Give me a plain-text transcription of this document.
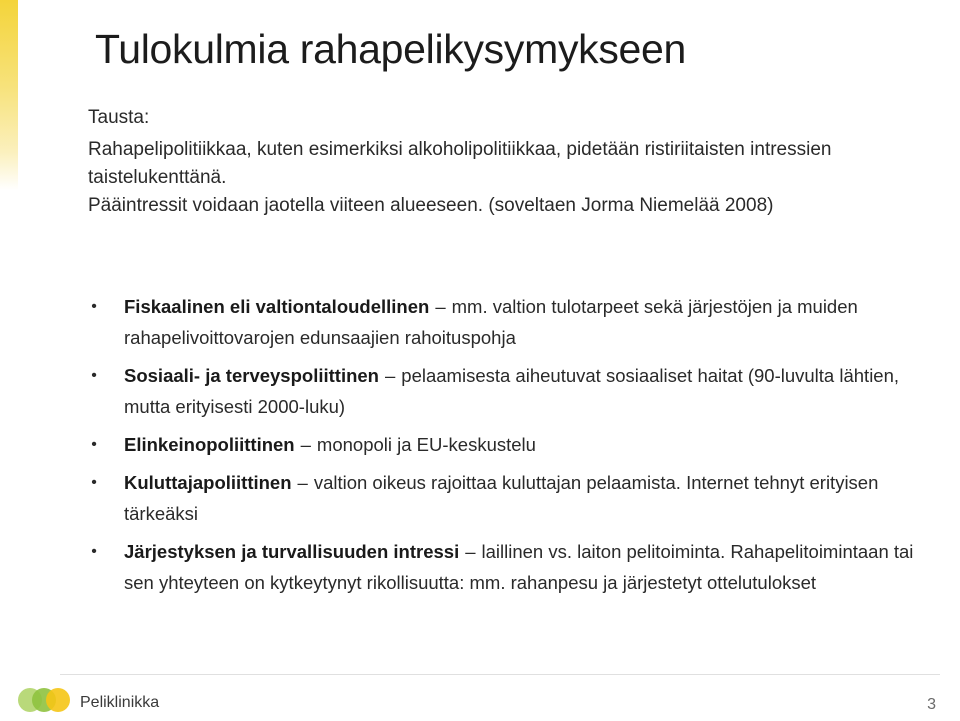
Tulokulmia rahapelikysymykseen

Tausta:

Rahapelipolitiikkaa, kuten esimerkiksi alkoholipolitiikkaa, pidetään ristiriitaisten intressien taistelukenttänä.

Pääintressit voidaan jaotella viiteen alueeseen. (soveltaen Jorma Niemelää 2008)

• Fiskaalinen eli valtiontaloudellinen – mm. valtion tulotarpeet sekä järjestöjen ja muiden rahapelivoittovarojen edunsaajien rahoituspohja
• Sosiaali- ja terveyspoliittinen – pelaamisesta aiheutuvat sosiaaliset haitat (90-luvulta lähtien, mutta erityisesti 2000-luku)
• Elinkeinopoliittinen – monopoli ja EU-keskustelu
• Kuluttajapoliittinen – valtion oikeus rajoittaa kuluttajan pelaamista. Internet tehnyt erityisen tärkeäksi
• Järjestyksen ja turvallisuuden intressi – laillinen vs. laiton pelitoiminta. Rahapelitoimintaan tai sen yhteyteen on kytkeytynyt rikollisuutta: mm. rahanpesu ja järjestetyt ottelutulokset
Peliklinikka	3
